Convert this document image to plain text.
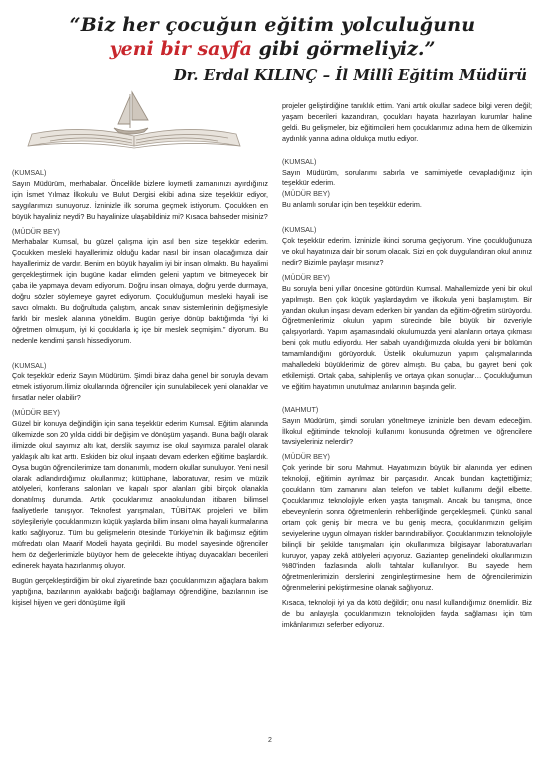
“Biz her çocuğun eğitim yolculuğunu
yeni bir sayfa gibi görmeliyiz.”
Dr. Erdal KILINÇ – İl Millî Eğitim Müdürü
(KUMSAL)

Sayın Müdürüm, merhabalar. Öncelikle bizlere kıymetli zamanınızı ayırdığınız için İsmet Yılmaz İlkokulu ve Bulut Dergisi ekibi adına size teşekkür ediyor, saygılarımızı sunuyoruz. İzninizle ilk soruma geçmek istiyorum. Çocukken en büyük hayaliniz neydi? Bu hayalinize ulaşabildiniz mi? Kısaca bahseder misiniz?

(MÜDÜR BEY)

Merhabalar Kumsal, bu güzel çalışma için asıl ben size teşekkür ederim. Çocukken mesleki hayallerimiz olduğu kadar nasıl bir insan olacağımıza dair hayallerimiz de vardır. Benim en büyük hayalim iyi bir insan olmaktı. Bu hayalimi gerçekleştirmek için bugüne kadar elimden geleni yaptım ve bitmeyecek bir çaba ile yapmaya devam ediyorum. Doğru insan olmaya, doğru yerde durmaya, doğru sözler söylemeye gayret ediyorum. Çocukluğumun mesleki hayali ise savcı olmaktı. Bu doğrultuda çalıştım, ancak sınav sistemlerinin değişmesiyle farklı bir meslek alanına yöneldim. Bugün geriye dönüp baktığımda “İyi ki öğretmen olmuşum, iyi ki çocuklarla iç içe bir meslek seçmişim.” diyorum. Bu nedenle kendimi şanslı hissediyorum.

(KUMSAL)

Çok teşekkür ederiz Sayın Müdürüm. Şimdi biraz daha genel bir soruyla devam etmek istiyorum.İlimiz okullarında öğrenciler için sunulabilecek yeni olanaklar ve fırsatlar neler olabilir?

(MÜDÜR BEY)

Güzel bir konuya değindiğin için sana teşekkür ederim Kumsal. Eğitim alanında ülkemizde son 20 yılda ciddi bir değişim ve dönüşüm yaşandı. Buna bağlı olarak ilimizde okul sayımız altı kat, derslik sayımız ise okul sayımıza paralel olarak yaklaşık altı kat arttı. Eskiden biz okul inşaatı devam ederken eğitime başlardık. Oysa bugün öğrencilerimize tam donanımlı, modern okullar sunuluyor. Yeni nesil olarak adlandırdığımız okullarımız; kütüphane, laboratuvar, resim ve müzik atölyeleri, konferans salonları ve kapalı spor alanları gibi birçok olanakla donatılmış durumda. Artık çocuklarımız anaokulundan itibaren bilimsel faaliyetlerle tanışıyor. Teknofest yarışmaları, TÜBİTAK projeleri ve bilim söyleşileriyle çocuklarımızın küçük yaşlarda bilim insanı olma hayali kurmalarına katkı sağlıyoruz. Tüm bu gelişmelerin ötesinde Türkiye'nin ilk bağımsız eğitim müfredatı olan Maarif Modeli hayata geçirildi. Bu model sayesinde öğrenciler hem öz değerlerimizle büyüyor hem de gelecekte ihtiyaç duyacakları becerileri edinerek hayata hazırlanmış oluyor.

Bugün gerçekleştirdiğim bir okul ziyaretinde bazı çocuklarımızın ağaçlara bakım yaptığına, bazılarının ayakkabı bağcığı bağlamayı öğrendiğine, bazılarının ise kişisel hijyen ve geri dönüşüme ilgili

projeler geliştirdiğine tanıklık ettim. Yani artık okullar sadece bilgi veren değil; yaşam becerileri kazandıran, çocukları hayata hazırlayan kurumlar haline geldi. Bu gelişmeler, biz eğitimcileri hem çocuklarımız adına hem de ülkemizin aydınlık yarına adına oldukça mutlu ediyor.

(KUMSAL)

Sayın Müdürüm, sorularımı sabırla ve samimiyetle cevapladığınız için teşekkür ederim.

(MÜDÜR BEY)

Bu anlamlı sorular için ben teşekkür ederim.

(KUMSAL)

Çok teşekkür ederim. İzninizle ikinci soruma geçiyorum. Yine çocukluğunuza ve okul hayatınıza dair bir sorum olacak. Sizi en çok duygulandıran okul anınız nedir? Bizimle paylaşır mısınız?

(MÜDÜR BEY)

Bu soruyla beni yıllar öncesine götürdün Kumsal. Mahallemizde yeni bir okul yapılmıştı. Ben çok küçük yaşlardaydım ve ilkokula yeni başlamıştım. Bir yandan okulun inşası devam ederken bir yandan da eğitim-öğretim sürüyordu. Öğretmenlerimiz okulun yapım sürecinde bile büyük bir özveriyle çalışıyorlardı. Yapım aşamasındaki okulumuzda yeni alanların ortaya çıkması beni çok mutlu ediyordu. Her sabah uyandığımızda okulda yeni bir bölümün tamamlandığını görüyorduk. Üstelik okulumuzun yapım çalışmalarında mahalledeki büyüklerimiz de görev almıştı. Bu çaba, bu gayret beni çok etkilemişti. Ortak çaba, sahiplenliş ve ortaya çıkan sonuçlar… Çocukluğumun ve eğitim hayatımın unutulmaz anılarının başında gelir.

(MAHMUT)

Sayın Müdürüm, şimdi soruları yöneltmeye izninizle ben devam edeceğim. İlkokul eğitiminde teknoloji kullanımı konusunda öğretmen ve öğrencilere tavsiyeleriniz nelerdir?

(MÜDÜR BEY)

Çok yerinde bir soru Mahmut. Hayatımızın büyük bir alanında yer edinen teknoloji, eğitimin ayrılmaz bir parçasıdır. Ancak bundan kaçtettiğimiz; çocukların tüm zamanını alan telefon ve tablet kullanımı değil elbette. Çocuklarımız teknolojiyle erken yaşta tanışmalı. Ancak bu tanışma, önce ebeveynlerin sonra öğretmenlerin rehberliğinde gerçekleşmeli. Çünkü sanal ortam çok geniş bir mecra ve bu geniş mecra, çocuklarımızın gelişim seviyelerine uygun olmayan riskler barındırabiliyor. Çocuklarımızın teknolojiyle bilinçli bir şekilde tanışmaları için okullarımıza bilgisayar laboratuvarları kuruyor, yapay zekâ atölyeleri açıyoruz. Gaziantep genelindeki okullarımızın %80'inden fazlasında akıllı tahtalar kullanılıyor. Bu sayede hem öğretmenlerimizin derslerini zenginleştirmesine hem de öğrencilerimizin öğrenmelerini pekiştirmesine olanak sağlıyoruz.

Kısaca, teknoloji iyi ya da kötü değildir; onu nasıl kullandığımız önemlidir. Biz de bu anlayışla çocuklarımızın teknolojiden fayda sağlaması için tüm imkânlarımızı seferber ediyoruz.

2
